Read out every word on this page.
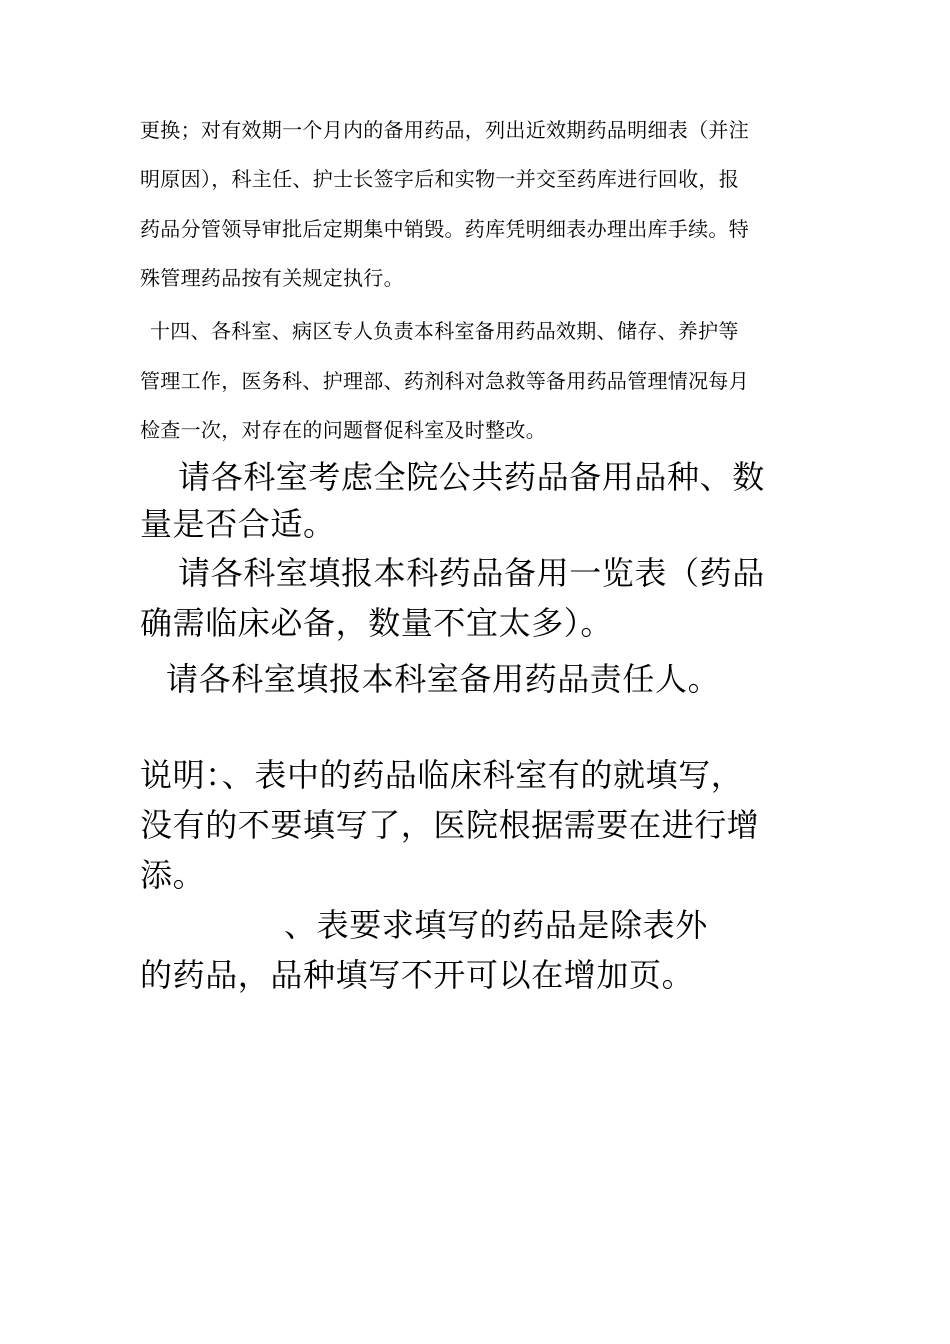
更换；对有效期一个月内的备用药品，列出近效期药品明细表（并注

明原因），科主任、护士长签字后和实物一并交至药库进行回收，报

药品分管领导审批后定期集中销毁。药库凭明细表办理出库手续。特

殊管理药品按有关规定执行。

十四、各科室、病区专人负责本科室备用药品效期、储存、养护等

管理工作，医务科、护理部、药剂科对急救等备用药品管理情况每月

检查一次，对存在的问题督促科室及时整改。

请各科室考虑全院公共药品备用品种、数

量是否合适。

请各科室填报本科药品备用一览表（药品

确需临床必备，数量不宜太多）。

请各科室填报本科室备用药品责任人。

说明：、表中的药品临床科室有的就填写，

没有的不要填写了，医院根据需要在进行增

添。

、表要求填写的药品是除表外

的药品，品种填写不开可以在增加页。
